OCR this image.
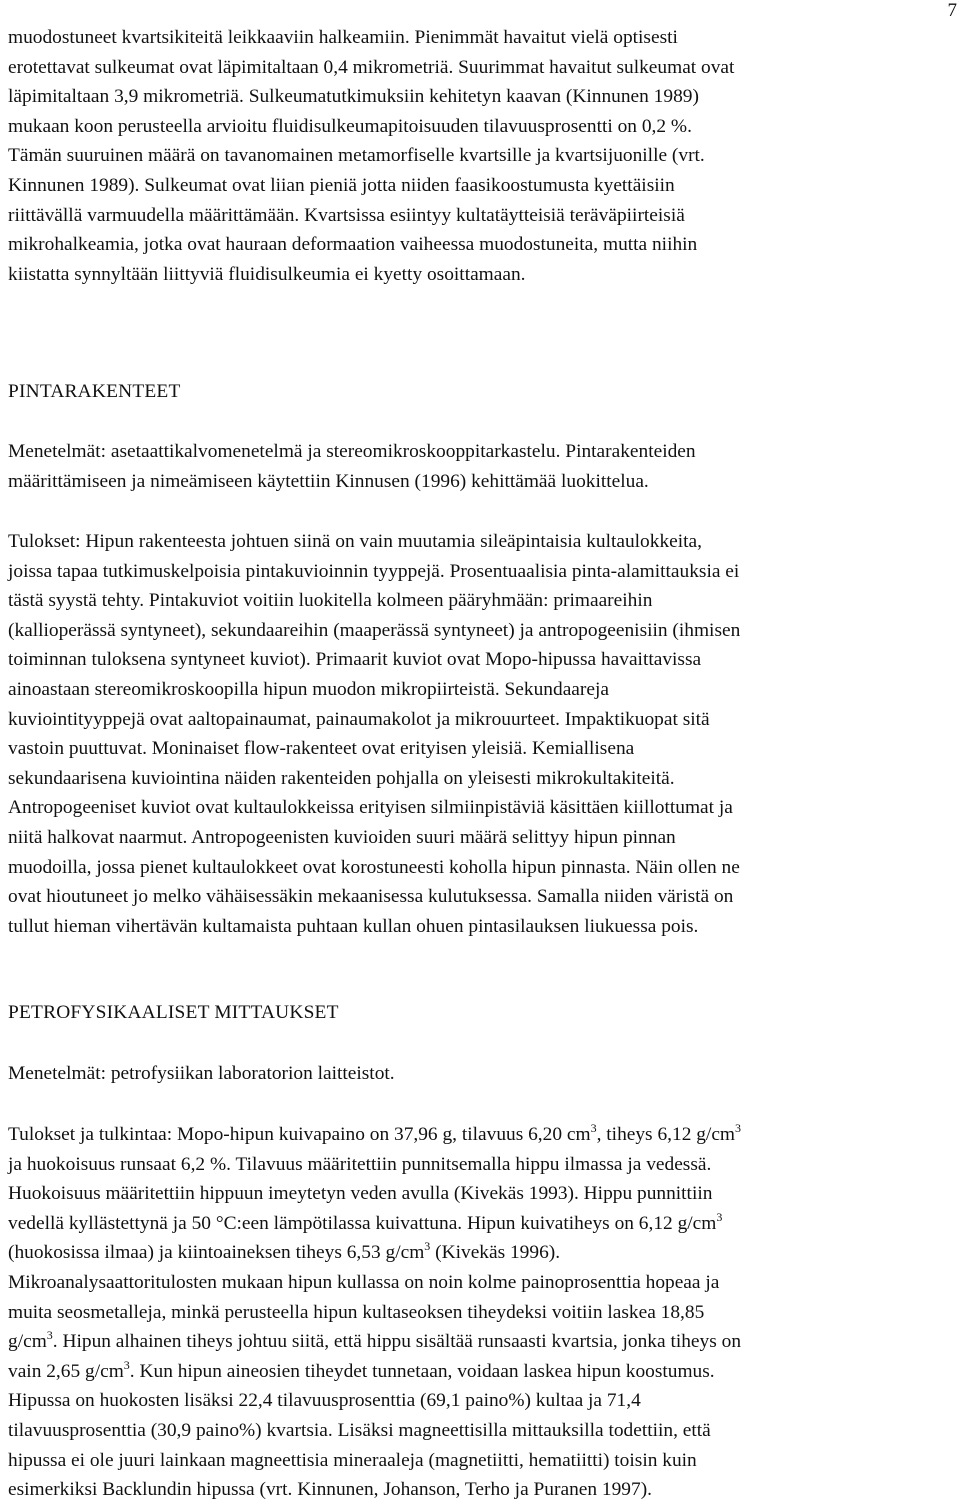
7
muodostuneet kvartsikiteitä leikkaaviin halkeamiin. Pienimmät havaitut vielä optisesti
erotettavat sulkeumat ovat läpimitaltaan 0,4 mikrometriä. Suurimmat havaitut sulkeumat ovat
läpimitaltaan 3,9 mikrometriä. Sulkeumatutkimuksiin kehitetyn kaavan (Kinnunen 1989)
mukaan koon perusteella arvioitu fluidisulkeumapitoisuuden tilavuusprosentti on 0,2 %.
Tämän suuruinen määrä on tavanomainen metamorfiselle kvartsille ja kvartsijuonille (vrt.
Kinnunen 1989). Sulkeumat ovat liian pieniä jotta niiden faasikoostumusta kyettäisiin
riittävällä varmuudella määrittämään. Kvartsissa esiintyy kultatäytteisiä teräväpiirteisiä
mikrohalkeamia, jotka ovat hauraan deformaation vaiheessa muodostuneita, mutta niihin
kiistatta synnyltään liittyviä fluidisulkeumia ei kyetty osoittamaan.
PINTARAKENTEET
Menetelmät: asetaattikalvomenetelmä ja stereomikroskooppitarkastelu. Pintarakenteiden
määrittämiseen ja nimeämiseen käytettiin Kinnusen (1996) kehittämää luokittelua.
Tulokset: Hipun rakenteesta johtuen siinä on vain muutamia sileäpintaisia kultaulokkeita,
joissa tapaa tutkimuskelpoisia pintakuvioinnin tyyppejä. Prosentuaalisia pinta-alamittauksia ei
tästä syystä tehty. Pintakuviot voitiin luokitella kolmeen pääryhmään: primaareihin
(kallioperässä syntyneet), sekundaareihin (maaperässä syntyneet) ja antropogeenisiin (ihmisen
toiminnan tuloksena syntyneet kuviot). Primaarit kuviot ovat Mopo-hipussa havaittavissa
ainoastaan stereomikroskoopilla hipun muodon mikropiirteistä. Sekundaareja
kuviointityyppejä ovat aaltopainaumat, painaumakolot ja mikrouurteet. Impaktikuopat sitä
vastoin puuttuvat. Moninaiset flow-rakenteet ovat erityisen yleisiä. Kemiallisena
sekundaarisena kuviointina näiden rakenteiden pohjalla on yleisesti mikrokultakiteitä.
Antropogeeniset kuviot ovat kultaulokkeissa erityisen silmiinpistäviä käsittäen kiillottumat ja
niitä halkovat naarmut. Antropogeenisten kuvioiden suuri määrä selittyy hipun pinnan
muodoilla, jossa pienet kultaulokkeet ovat korostuneesti koholla hipun pinnasta. Näin ollen ne
ovat hioutuneet jo melko vähäisessäkin mekaanisessa kulutuksessa. Samalla niiden väristä on
tullut hieman vihertävän kultamaista puhtaan kullan ohuen pintasilauksen liukuessa pois.
PETROFYSIKAALISET MITTAUKSET
Menetelmät: petrofysiikan laboratorion laitteistot.
Tulokset ja tulkintaa: Mopo-hipun kuivapaino on 37,96 g, tilavuus 6,20 $cm^3$, tiheys 6,12 $g/cm^3$
ja huokoisuus runsaat 6,2 %. Tilavuus määritettiin punnitsemalla hippu ilmassa ja vedessä.
Huokoisuus määritettiin hippuun imeytetyn veden avulla (Kivekäs 1993). Hippu punnittiin
vedellä kyllästettynä ja 50 °C:een lämpötilassa kuivattuna. Hipun kuivatiheys on 6,12 $g/cm^3$
(huokosissa ilmaa) ja kiintoaineksen tiheys 6,53 $g/cm^3$ (Kivekäs 1996).
Mikroanalysaattoritulosten mukaan hipun kullassa on noin kolme painoprosenttia hopeaa ja
muita seosmetalleja, minkä perusteella hipun kultaseoksen tiheydeksi voitiin laskea 18,85
$g/cm^3$. Hipun alhainen tiheys johtuu siitä, että hippu sisältää runsaasti kvartsia, jonka tiheys on
vain 2,65 $g/cm^3$. Kun hipun aineosien tiheydet tunnetaan, voidaan laskea hipun koostumus.
Hipussa on huokosten lisäksi 22,4 tilavuusprosenttia (69,1 paino%) kultaa ja 71,4
tilavuusprosenttia (30,9 paino%) kvartsia. Lisäksi magneettisilla mittauksilla todettiin, että
hipussa ei ole juuri lainkaan magneettisia mineraaleja (magnetiitti, hematiitti) toisin kuin
esimerkiksi Backlundin hipussa (vrt. Kinnunen, Johanson, Terho ja Puranen 1997).
